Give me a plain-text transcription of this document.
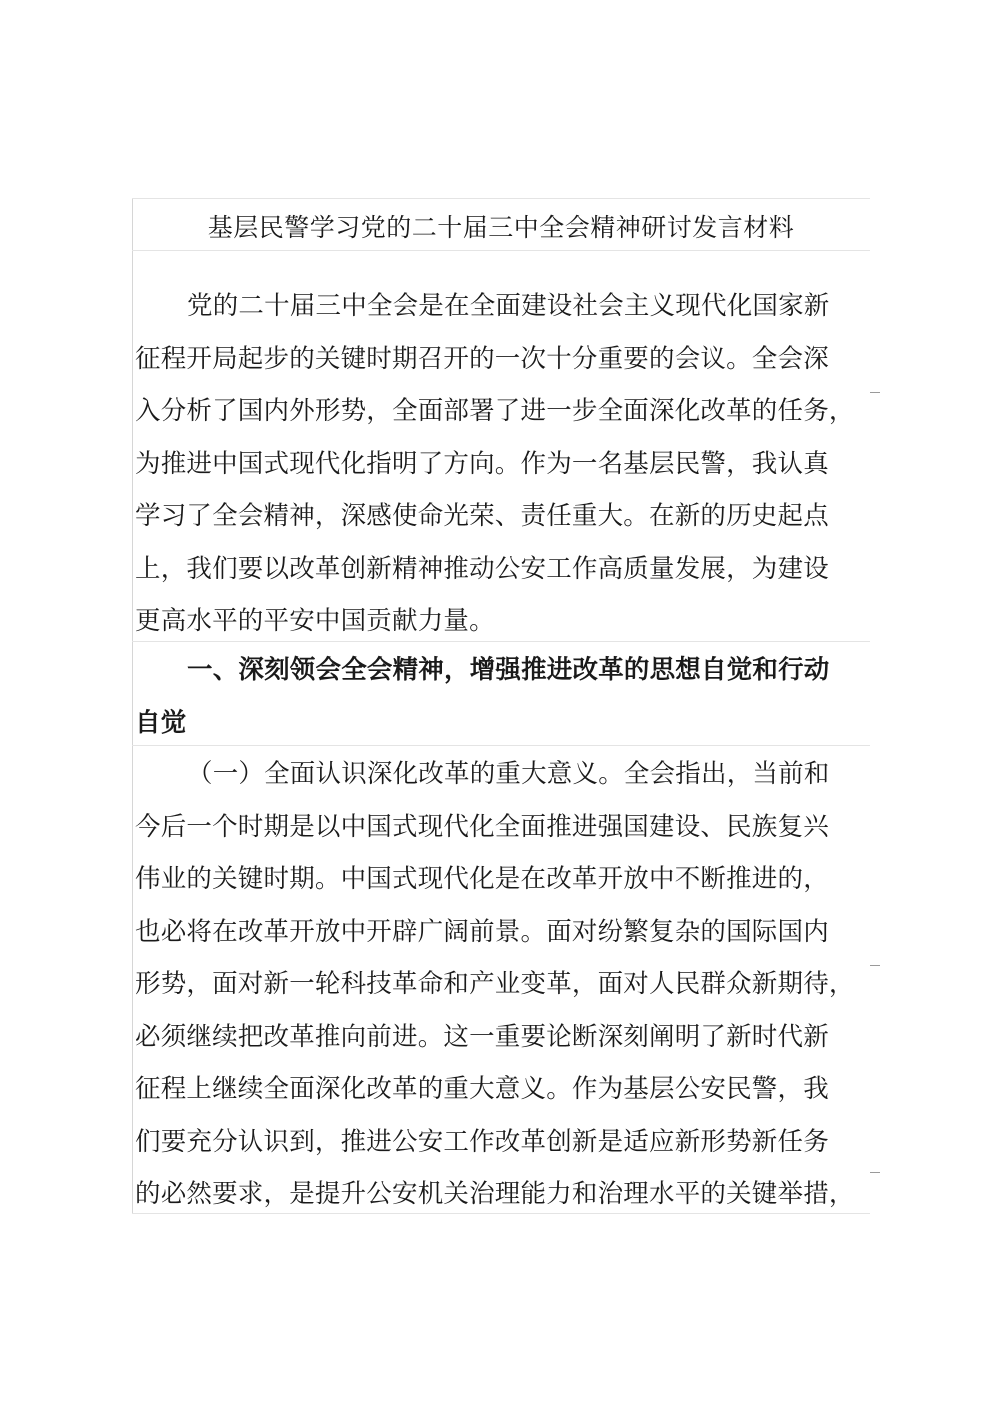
基层民警学习党的二十届三中全会精神研讨发言材料
党的二十届三中全会是在全面建设社会主义现代化国家新
征程开局起步的关键时期召开的一次十分重要的会议。全会深
入分析了国内外形势，全面部署了进一步全面深化改革的任务，
为推进中国式现代化指明了方向。作为一名基层民警，我认真
学习了全会精神，深感使命光荣、责任重大。在新的历史起点
上，我们要以改革创新精神推动公安工作高质量发展，为建设
更高水平的平安中国贡献力量。
一、深刻领会全会精神，增强推进改革的思想自觉和行动
自觉
（一）全面认识深化改革的重大意义。全会指出，当前和
今后一个时期是以中国式现代化全面推进强国建设、民族复兴
伟业的关键时期。中国式现代化是在改革开放中不断推进的，
也必将在改革开放中开辟广阔前景。面对纷繁复杂的国际国内
形势，面对新一轮科技革命和产业变革，面对人民群众新期待，
必须继续把改革推向前进。这一重要论断深刻阐明了新时代新
征程上继续全面深化改革的重大意义。作为基层公安民警，我
们要充分认识到，推进公安工作改革创新是适应新形势新任务
的必然要求，是提升公安机关治理能力和治理水平的关键举措，
